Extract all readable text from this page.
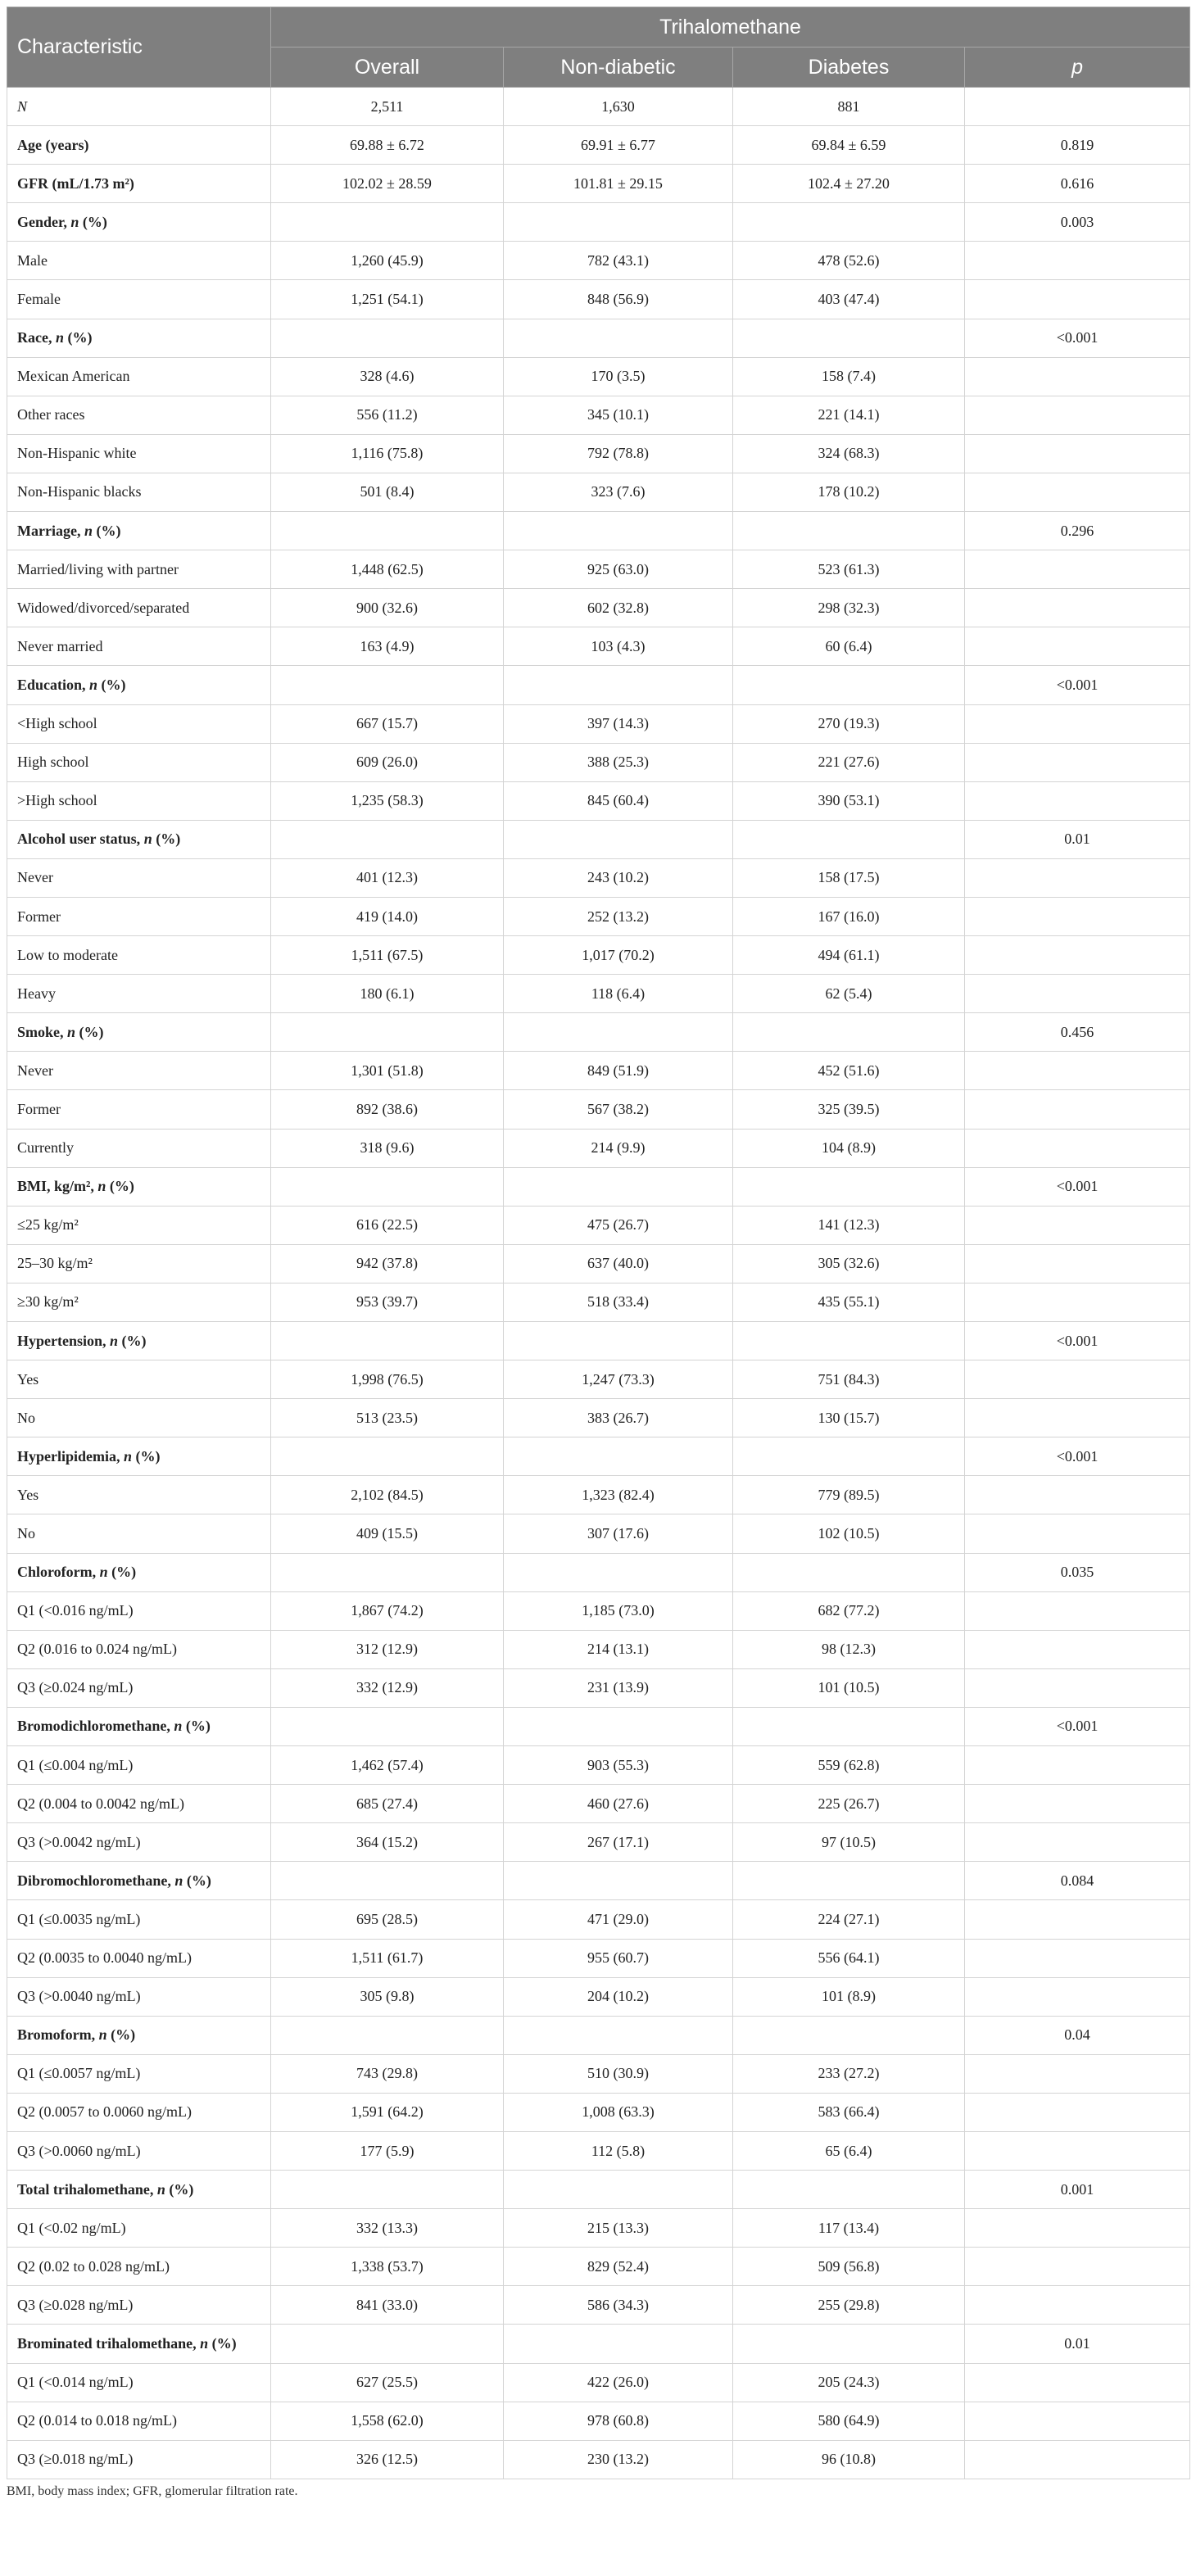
Characteristic	Trihalomethane			
	Overall	Non-diabetic	Diabetes	p
N	2,511	1,630	881	
Age (years)	69.88 ± 6.72	69.91 ± 6.77	69.84 ± 6.59	0.819
GFR (mL/1.73 m²)	102.02 ± 28.59	101.81 ± 29.15	102.4 ± 27.20	0.616
Gender, n (%)				0.003
Male	1,260 (45.9)	782 (43.1)	478 (52.6)	
Female	1,251 (54.1)	848 (56.9)	403 (47.4)	
Race, n (%)				<0.001
Mexican American	328 (4.6)	170 (3.5)	158 (7.4)	
Other races	556 (11.2)	345 (10.1)	221 (14.1)	
Non-Hispanic white	1,116 (75.8)	792 (78.8)	324 (68.3)	
Non-Hispanic blacks	501 (8.4)	323 (7.6)	178 (10.2)	
Marriage, n (%)				0.296
Married/living with partner	1,448 (62.5)	925 (63.0)	523 (61.3)	
Widowed/divorced/separated	900 (32.6)	602 (32.8)	298 (32.3)	
Never married	163 (4.9)	103 (4.3)	60 (6.4)	
Education, n (%)				<0.001
<High school	667 (15.7)	397 (14.3)	270 (19.3)	
High school	609 (26.0)	388 (25.3)	221 (27.6)	
>High school	1,235 (58.3)	845 (60.4)	390 (53.1)	
Alcohol user status, n (%)				0.01
Never	401 (12.3)	243 (10.2)	158 (17.5)	
Former	419 (14.0)	252 (13.2)	167 (16.0)	
Low to moderate	1,511 (67.5)	1,017 (70.2)	494 (61.1)	
Heavy	180 (6.1)	118 (6.4)	62 (5.4)	
Smoke, n (%)				0.456
Never	1,301 (51.8)	849 (51.9)	452 (51.6)	
Former	892 (38.6)	567 (38.2)	325 (39.5)	
Currently	318 (9.6)	214 (9.9)	104 (8.9)	
BMI, kg/m², n (%)				<0.001
≤25 kg/m²	616 (22.5)	475 (26.7)	141 (12.3)	
25–30 kg/m²	942 (37.8)	637 (40.0)	305 (32.6)	
≥30 kg/m²	953 (39.7)	518 (33.4)	435 (55.1)	
Hypertension, n (%)				<0.001
Yes	1,998 (76.5)	1,247 (73.3)	751 (84.3)	
No	513 (23.5)	383 (26.7)	130 (15.7)	
Hyperlipidemia, n (%)				<0.001
Yes	2,102 (84.5)	1,323 (82.4)	779 (89.5)	
No	409 (15.5)	307 (17.6)	102 (10.5)	
Chloroform, n (%)				0.035
Q1 (<0.016 ng/mL)	1,867 (74.2)	1,185 (73.0)	682 (77.2)	
Q2 (0.016 to 0.024 ng/mL)	312 (12.9)	214 (13.1)	98 (12.3)	
Q3 (≥0.024 ng/mL)	332 (12.9)	231 (13.9)	101 (10.5)	
Bromodichloromethane, n (%)				<0.001
Q1 (≤0.004 ng/mL)	1,462 (57.4)	903 (55.3)	559 (62.8)	
Q2 (0.004 to 0.0042 ng/mL)	685 (27.4)	460 (27.6)	225 (26.7)	
Q3 (>0.0042 ng/mL)	364 (15.2)	267 (17.1)	97 (10.5)	
Dibromochloromethane, n (%)				0.084
Q1 (≤0.0035 ng/mL)	695 (28.5)	471 (29.0)	224 (27.1)	
Q2 (0.0035 to 0.0040 ng/mL)	1,511 (61.7)	955 (60.7)	556 (64.1)	
Q3 (>0.0040 ng/mL)	305 (9.8)	204 (10.2)	101 (8.9)	
Bromoform, n (%)				0.04
Q1 (≤0.0057 ng/mL)	743 (29.8)	510 (30.9)	233 (27.2)	
Q2 (0.0057 to 0.0060 ng/mL)	1,591 (64.2)	1,008 (63.3)	583 (66.4)	
Q3 (>0.0060 ng/mL)	177 (5.9)	112 (5.8)	65 (6.4)	
Total trihalomethane, n (%)				0.001
Q1 (<0.02 ng/mL)	332 (13.3)	215 (13.3)	117 (13.4)	
Q2 (0.02 to 0.028 ng/mL)	1,338 (53.7)	829 (52.4)	509 (56.8)	
Q3 (≥0.028 ng/mL)	841 (33.0)	586 (34.3)	255 (29.8)	
Brominated trihalomethane, n (%)				0.01
Q1 (<0.014 ng/mL)	627 (25.5)	422 (26.0)	205 (24.3)	
Q2 (0.014 to 0.018 ng/mL)	1,558 (62.0)	978 (60.8)	580 (64.9)	
Q3 (≥0.018 ng/mL)	326 (12.5)	230 (13.2)	96 (10.8)	
BMI, body mass index; GFR, glomerular filtration rate.
